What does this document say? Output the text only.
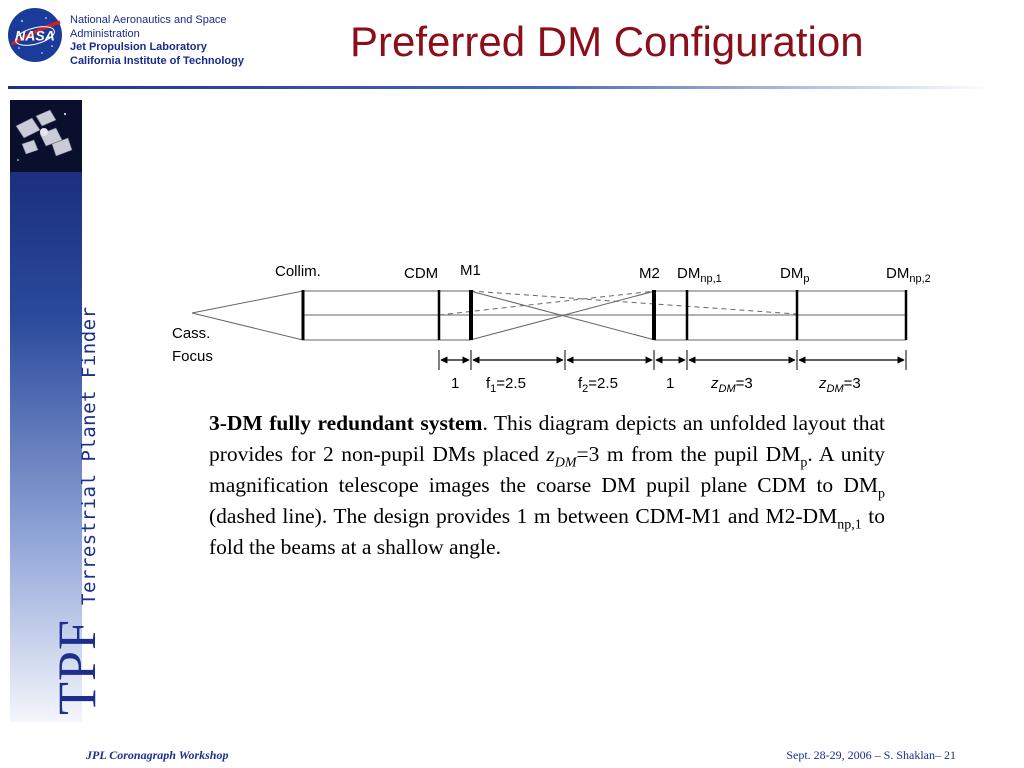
NASA
National Aeronautics and Space
Administration
Jet Propulsion Laboratory
California Institute of Technology	Preferred DM Configuration
TPFTerrestrial Planet Finder
Collim.	CDM M1	M2 $DM_{np,1}$	$DM_p$	$DM_{np,2}$
Cass. Focus
1 $f_1=2.5$	$f_2=2.5$	1 $z_{DM}=3$	$z_{DM}=3$
3-DM fully redundant system. This diagram depicts an unfolded layout that provides for 2 non-pupil DMs placed $z_{DM}=3$ m from the pupil $DM_p$. A unity magnification telescope images the coarse DM pupil plane CDM to $DM_p$ (dashed line). The design provides 1 m between CDM-M1 and $M2-DM_{np,1}$ to fold the beams at a shallow angle.
JPL Coronagraph Workshop	Sept. 28-29, 2006 – S. Shaklan– 21
